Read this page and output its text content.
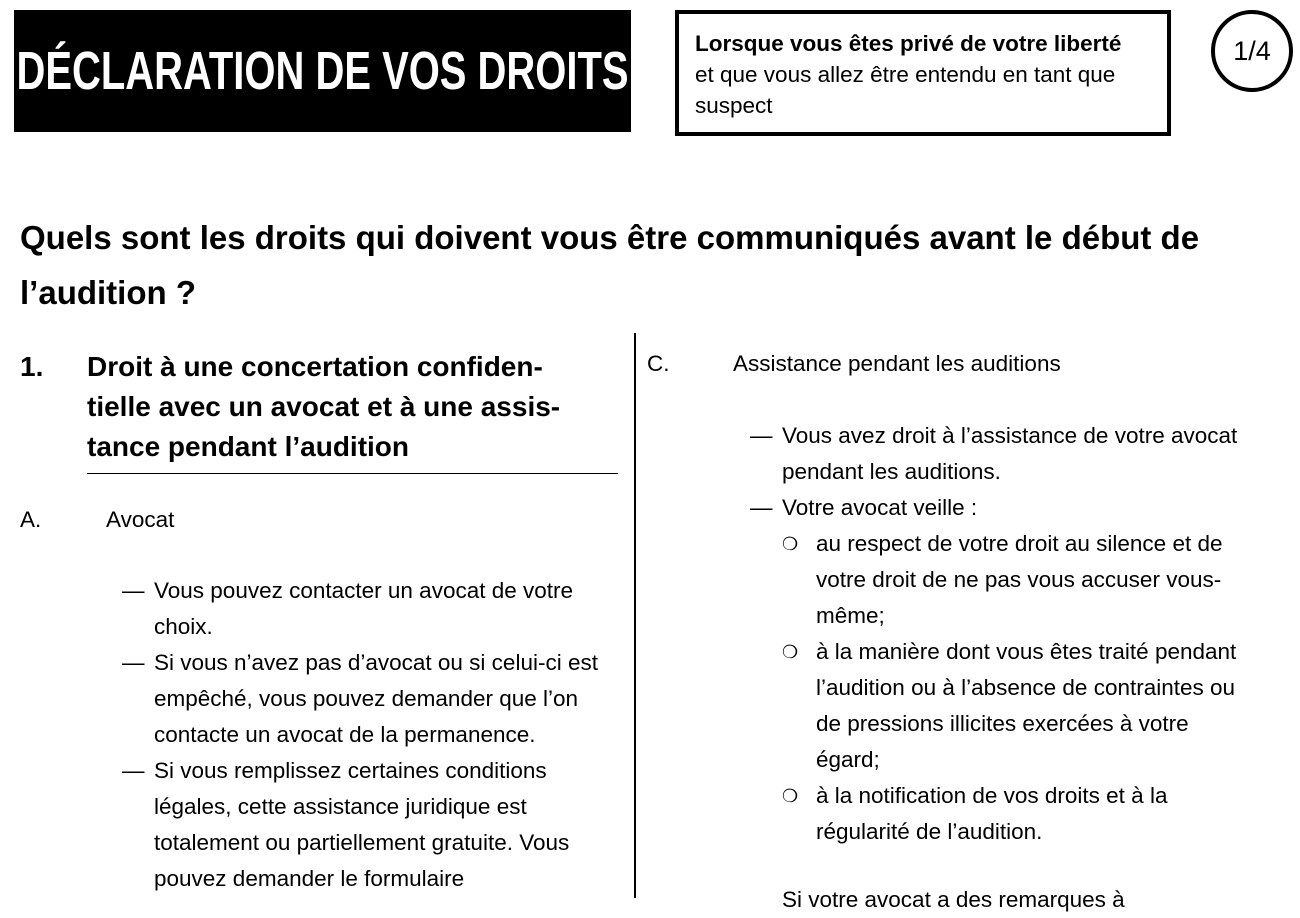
DÉCLARATION DE VOS DROITS	Lorsque vous êtes privé de votre liberté
et que vous allez être entendu en tant que suspect
1/4
Quels sont les droits qui doivent vous être communiqués avant le début de l’audition ?
1. Droit à une concertation confiden-tielle avec un avocat et à une assis-tance pendant l’audition
A.	Avocat
— Vous pouvez contacter un avocat de votre choix.
— Si vous n’avez pas d’avocat ou si celui-ci est empêché, vous pouvez demander que l’on contacte un avocat de la permanence.
— Si vous remplissez certaines conditions légales, cette assistance juridique est totalement ou partiellement gratuite. Vous pouvez demander le formulaire
C.	Assistance pendant les auditions
— Vous avez droit à l’assistance de votre avocat pendant les auditions.
— Votre avocat veille :
❍ au respect de votre droit au silence et de votre droit de ne pas vous accuser vous-même;
❍ à la manière dont vous êtes traité pendant l’audition ou à l’absence de contraintes ou de pressions illicites exercées à votre égard;
❍ à la notification de vos droits et à la régularité de l’audition.
Si votre avocat a des remarques à
